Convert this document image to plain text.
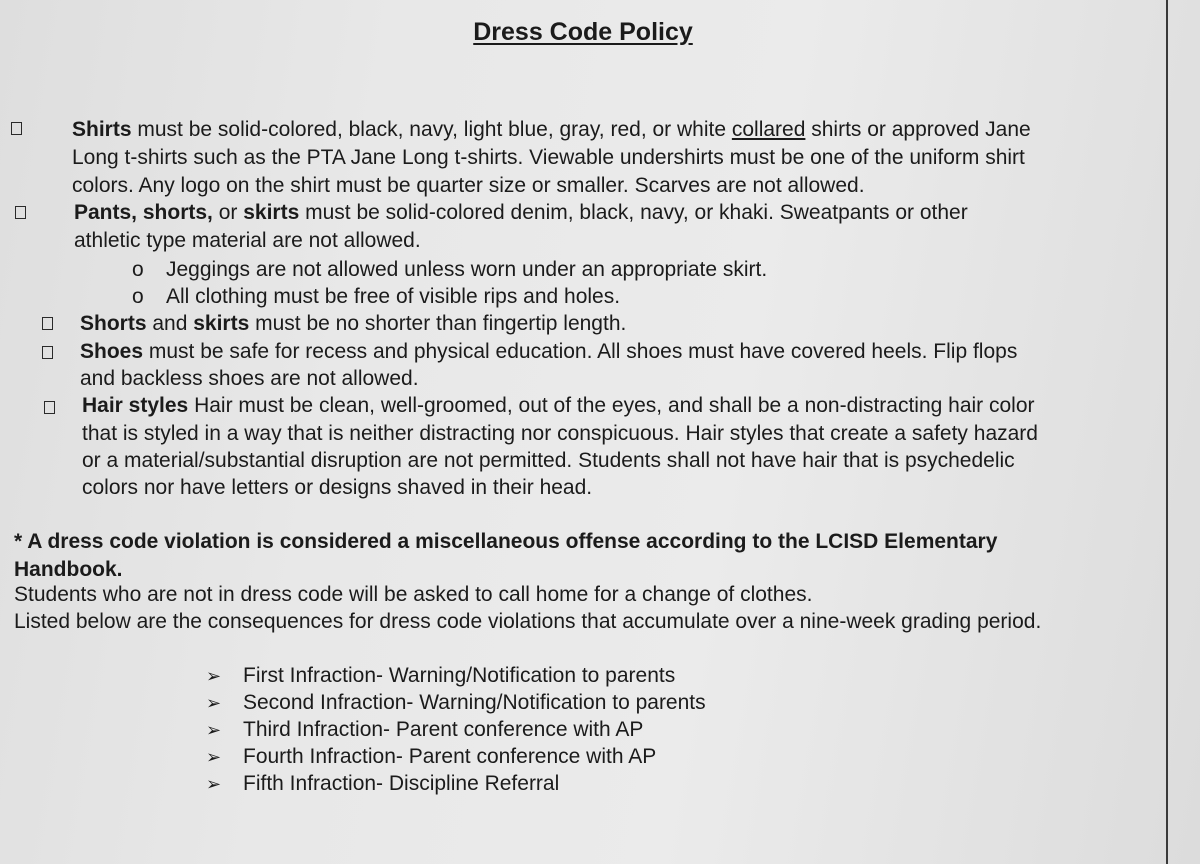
Dress Code Policy
Shirts must be solid-colored, black, navy, light blue, gray, red, or white collared shirts or approved Jane
Long t-shirts such as the PTA Jane Long t-shirts. Viewable undershirts must be one of the uniform shirt
colors. Any logo on the shirt must be quarter size or smaller. Scarves are not allowed.
Pants, shorts, or skirts must be solid-colored denim, black, navy, or khaki. Sweatpants or other
athletic type material are not allowed.
o Jeggings are not allowed unless worn under an appropriate skirt.
o All clothing must be free of visible rips and holes.
Shorts and skirts must be no shorter than fingertip length.
Shoes must be safe for recess and physical education. All shoes must have covered heels. Flip flops
and backless shoes are not allowed.
Hair styles Hair must be clean, well-groomed, out of the eyes, and shall be a non-distracting hair color
that is styled in a way that is neither distracting nor conspicuous. Hair styles that create a safety hazard
or a material/substantial disruption are not permitted. Students shall not have hair that is psychedelic
colors nor have letters or designs shaved in their head.
* A dress code violation is considered a miscellaneous offense according to the LCISD Elementary
Handbook.
Students who are not in dress code will be asked to call home for a change of clothes.
Listed below are the consequences for dress code violations that accumulate over a nine-week grading period.
➢ First Infraction- Warning/Notification to parents
➢ Second Infraction- Warning/Notification to parents
➢ Third Infraction- Parent conference with AP
➢ Fourth Infraction- Parent conference with AP
➢ Fifth Infraction- Discipline Referral
